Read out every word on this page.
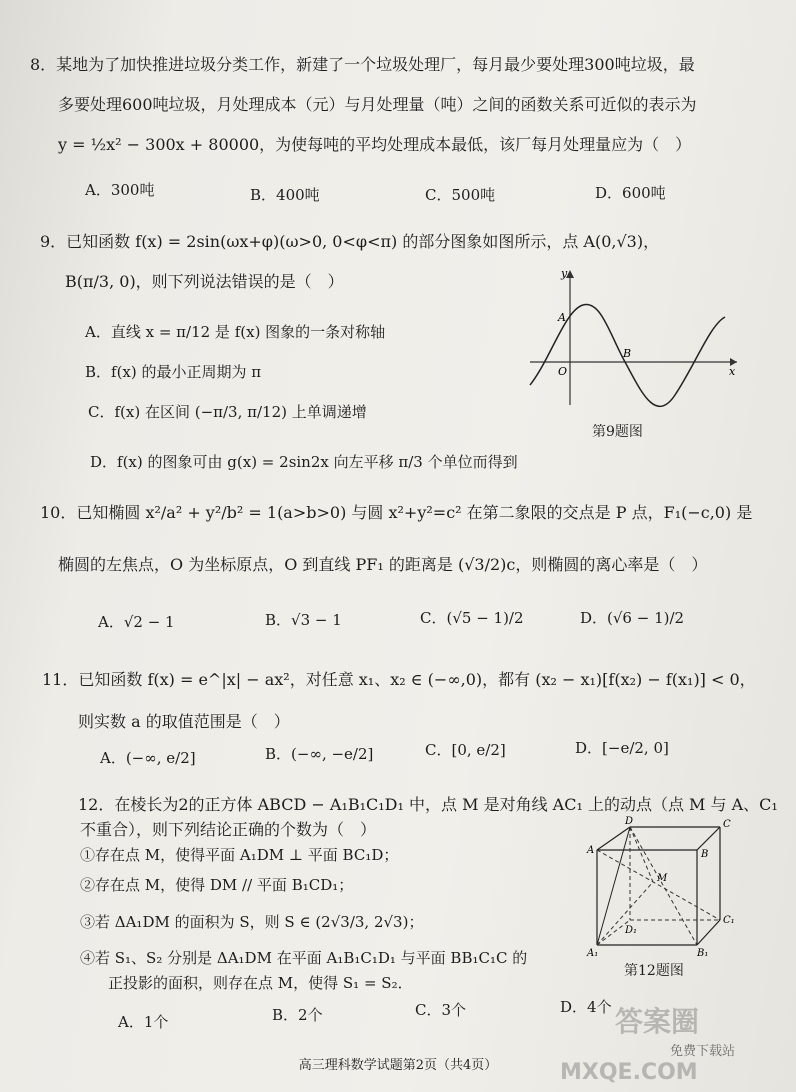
8．某地为了加快推进垃圾分类工作，新建了一个垃圾处理厂，每月最少要处理300吨垃圾，最
多要处理600吨垃圾，月处理成本（元）与月处理量（吨）之间的函数关系可近似的表示为
y = ½x² − 300x + 80000，为使每吨的平均处理成本最低，该厂每月处理量应为（　）
A．300吨	B．400吨	C．500吨	D．600吨
9．已知函数 f(x) = 2sin(ωx+φ)(ω>0, 0<φ<π) 的部分图象如图所示，点 A(0,√3)，
B(π/3, 0)，则下列说法错误的是（　）
A．直线 x = π/12 是 f(x) 图象的一条对称轴
B．f(x) 的最小正周期为 π
C．f(x) 在区间 (−π/3, π/12) 上单调递增
D．f(x) 的图象可由 g(x) = 2sin2x 向左平移 π/3 个单位而得到
y
x
O
A
B
第9题图
10．已知椭圆 x²/a² + y²/b² = 1(a>b>0) 与圆 x²+y²=c² 在第二象限的交点是 P 点，F₁(−c,0) 是
椭圆的左焦点，O 为坐标原点，O 到直线 PF₁ 的距离是 (√3/2)c，则椭圆的离心率是（　）
A．√2 − 1	B．√3 − 1	C．(√5 − 1)/2	D．(√6 − 1)/2
11．已知函数 f(x) = e^|x| − ax²，对任意 x₁、x₂ ∈ (−∞,0)，都有 (x₂ − x₁)[f(x₂) − f(x₁)] < 0，
则实数 a 的取值范围是（　）
A．(−∞, e/2]	B．(−∞, −e/2]	C．[0, e/2]	D．[−e/2, 0]
12．在棱长为2的正方体 ABCD − A₁B₁C₁D₁ 中，点 M 是对角线 AC₁ 上的动点（点 M 与 A、C₁
不重合），则下列结论正确的个数为（　）
①存在点 M，使得平面 A₁DM ⊥ 平面 BC₁D；
②存在点 M，使得 DM // 平面 B₁CD₁；
③若 ΔA₁DM 的面积为 S，则 S ∈ (2√3/3, 2√3)；
④若 S₁、S₂ 分别是 ΔA₁DM 在平面 A₁B₁C₁D₁ 与平面 BB₁C₁C 的
正投影的面积，则存在点 M，使得 S₁ = S₂．
A．1个	B．2个	C．3个	D．4个
D	C
A	B
M
C₁
D₁
A₁	B₁
第12题图
高三理科数学试题第2页（共4页）
答案圈
MXQE.COM
免费下载站
